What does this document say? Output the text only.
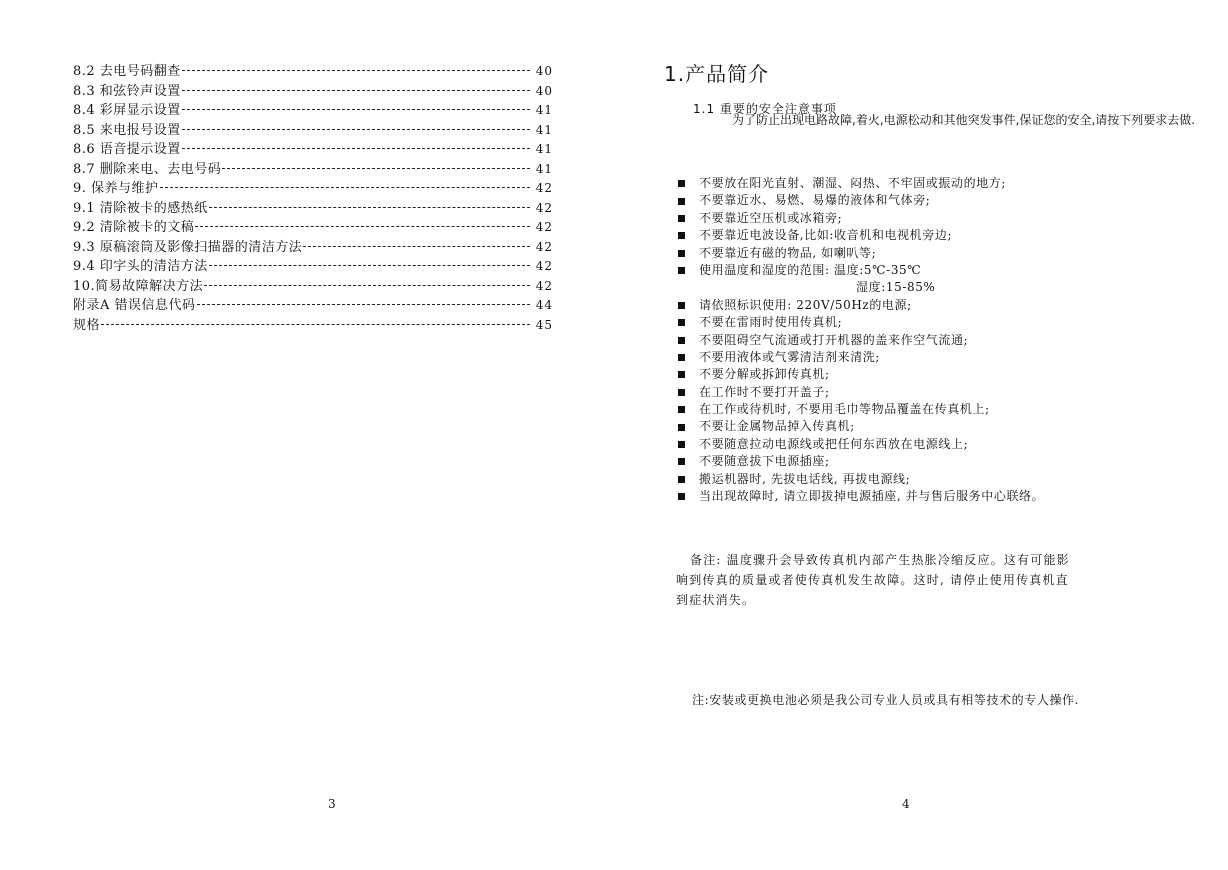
8.2 去电号码翻查	40
8.3 和弦铃声设置	40
8.4 彩屏显示设置	41
8.5 来电报号设置	41
8.6 语音提示设置	41
8.7 删除来电、去电号码	41
9. 保养与维护	42
9.1 清除被卡的感热纸	42
9.2 清除被卡的文稿	42
9.3 原稿滚筒及影像扫描器的清洁方法	42
9.4 印字头的清洁方法	42
10.简易故障解决方法	42
附录A 错误信息代码	44
规格	45
3
1.产品简介
1.1 重要的安全注意事项
为了防止出现电路故障,着火,电源松动和其他突发事件,保证您的安全,请按下列要求去做.
不要放在阳光直射、潮湿、闷热、不牢固或振动的地方;
不要靠近水、易燃、易爆的液体和气体旁;
不要靠近空压机或冰箱旁;
不要靠近电波设备,比如:收音机和电视机旁边;
不要靠近有磁的物品, 如喇叭等;
使用温度和湿度的范围: 温度:5℃-35℃
湿度:15-85%
请依照标识使用: 220V/50Hz的电源;
不要在雷雨时使用传真机;
不要阻碍空气流通或打开机器的盖来作空气流通;
不要用液体或气雾清洁剂来清洗;
不要分解或拆卸传真机;
在工作时不要打开盖子;
在工作或待机时, 不要用毛巾等物品覆盖在传真机上;
不要让金属物品掉入传真机;
不要随意拉动电源线或把任何东西放在电源线上;
不要随意拔下电源插座;
搬运机器时, 先拔电话线, 再拔电源线;
当出现故障时, 请立即拔掉电源插座, 并与售后服务中心联络。
备注: 温度骤升会导致传真机内部产生热胀冷缩反应。这有可能影
响到传真的质量或者使传真机发生故障。这时, 请停止使用传真机直
到症状消失。
注:安装或更换电池必须是我公司专业人员或具有相等技术的专人操作.
4
